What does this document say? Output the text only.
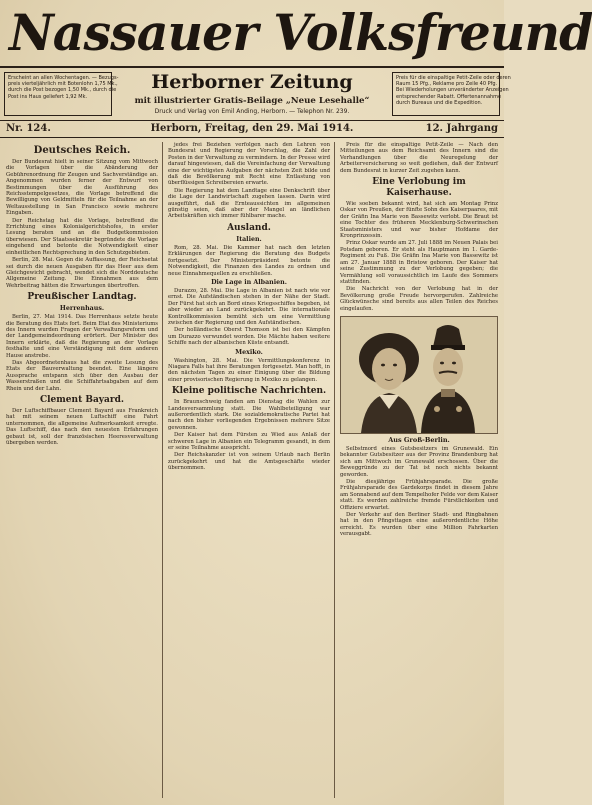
Nassauer Volksfreund
Erscheint an allen Wochentagen. — Bezugs-
preis vierteljährlich mit Botenlohn 1,75 Mk.,
durch die Post bezogen 1,50 Mk., durch die
Post ins Haus geliefert 1,92 Mk.
Herborner Zeitung
mit illustrierter Gratis-Beilage „Neue Lesehalle“
Druck und Verlag von Emil Anding, Herborn. — Telephon Nr. 239.
Preis für die einspaltige Petit-Zeile oder deren
Raum 15 Pfg., Reklame pro Zeile 40 Pfg.
Bei Wiederholungen unveränderter Anzeigen
entsprechender Rabatt. Offertenannahme
durch Bureaus und die Expedition.
Nr. 124.	Herborn, Freitag, den 29. Mai 1914.	12. Jahrgang
Deutsches Reich.

Der Bundesrat hielt in seiner Sitzung vom Mittwoch die Vorlagen über die Abänderung der Gebührenordnung für Zeugen und Sachverständige an. Angenommen wurden ferner der Entwurf von Bestimmungen über die Ausführung des Reichsstempelgesetzes, die Vorlage betreffend die Bewilligung von Geldmitteln für die Teilnahme an der Weltausstellung in San Francisco sowie mehrere Eingaben.

Der Reichstag hat die Vorlage, betreffend die Errichtung eines Kolonialgerichtshofes, in erster Lesung beraten und an die Budgetkommission überwiesen. Der Staatssekretär begründete die Vorlage eingehend und betonte die Notwendigkeit einer einheitlichen Rechtsprechung in den Schutzgebieten.

Berlin, 28. Mai. Gegen die Auffassung, der Reichsetat sei durch die neuen Ausgaben für das Heer aus dem Gleichgewicht gebracht, wendet sich die Norddeutsche Allgemeine Zeitung. Die Einnahmen aus dem Wehrbeitrag hätten die Erwartungen übertroffen.

Preußischer Landtag.
Herrenhaus.

Berlin, 27. Mai 1914. Das Herrenhaus setzte heute die Beratung des Etats fort. Beim Etat des Ministeriums des Innern wurden Fragen der Verwaltungsreform und der Landgemeindeordnung erörtert. Der Minister des Innern erklärte, daß die Regierung an der Vorlage festhalte und eine Verständigung mit dem anderen Hause anstrebe.

Das Abgeordnetenhaus hat die zweite Lesung des Etats der Bauverwaltung beendet. Eine längere Aussprache entspann sich über den Ausbau der Wasserstraßen und die Schiffahrtsabgaben auf dem Rhein und der Lahn.

Clement Bayard.

Der Luftschiffbauer Clement Bayard aus Frankreich hat mit seinem neuen Luftschiff eine Fahrt unternommen, die allgemeine Aufmerksamkeit erregte. Das Luftschiff, das nach den neuesten Erfahrungen gebaut ist, soll der französischen Heeresverwaltung übergeben werden.

jedes frei Beziehen verfolgen nach den Lehren von Bundesrat und Regierung der Vorschlag, die Zahl der Posten in der Verwaltung zu vermindern. In der Presse wird darauf hingewiesen, daß die Vereinfachung der Verwaltung eine der wichtigsten Aufgaben der nächsten Zeit bilde und daß die Bevölkerung mit Recht eine Entlastung von überflüssigen Schreibereien erwarte.

Die Regierung hat dem Landtage eine Denkschrift über die Lage der Landwirtschaft zugehen lassen. Darin wird ausgeführt, daß die Ernteaussichten im allgemeinen günstig seien, daß aber der Mangel an ländlichen Arbeitskräften sich immer fühlbarer mache.

Ausland.
Italien.

Rom, 28. Mai. Die Kammer hat nach den letzten Erklärungen der Regierung die Beratung des Budgets fortgesetzt. Der Ministerpräsident betonte die Notwendigkeit, die Finanzen des Landes zu ordnen und neue Einnahmequellen zu erschließen.

Die Lage in Albanien.

Durazzo, 28. Mai. Die Lage in Albanien ist nach wie vor ernst. Die Aufständischen stehen in der Nähe der Stadt. Der Fürst hat sich an Bord eines Kriegsschiffes begeben, ist aber wieder an Land zurückgekehrt. Die internationale Kontrollkommission bemüht sich um eine Vermittlung zwischen der Regierung und den Aufständischen.

Der holländische Oberst Thomson ist bei den Kämpfen um Durazzo verwundet worden. Die Mächte haben weitere Schiffe nach der albanischen Küste entsandt.

Mexiko.

Washington, 28. Mai. Die Vermittlungskonferenz in Niagara Falls hat ihre Beratungen fortgesetzt. Man hofft, in den nächsten Tagen zu einer Einigung über die Bildung einer provisorischen Regierung in Mexiko zu gelangen.

Kleine politische Nachrichten.

In Braunschweig fanden am Dienstag die Wahlen zur Landesversammlung statt. Die Wahlbeteiligung war außerordentlich stark. Die sozialdemokratische Partei hat nach den bisher vorliegenden Ergebnissen mehrere Sitze gewonnen.

Der Kaiser hat dem Fürsten zu Wied aus Anlaß der schweren Lage in Albanien ein Telegramm gesandt, in dem er seine Teilnahme ausspricht.

Der Reichskanzler ist von seinem Urlaub nach Berlin zurückgekehrt und hat die Amtsgeschäfte wieder übernommen.

Preis für die einspaltige Petit-Zeile — Nach den Mitteilungen aus dem Reichsamt des Innern sind die Verhandlungen über die Neuregelung der Arbeiterversicherung so weit gediehen, daß der Entwurf dem Bundesrat in kurzer Zeit zugehen kann.

Eine Verlobung im Kaiserhause.

Wie soeben bekannt wird, hat sich am Montag Prinz Oskar von Preußen, der fünfte Sohn des Kaiserpaares, mit der Gräfin Ina Marie von Bassewitz verlobt. Die Braut ist eine Tochter des früheren Mecklenburg-Schwerinschen Staatsministers und war bisher Hofdame der Kronprinzessin.

Prinz Oskar wurde am 27. Juli 1888 im Neuen Palais bei Potsdam geboren. Er steht als Hauptmann im 1. Garde-Regiment zu Fuß. Die Gräfin Ina Marie von Bassewitz ist am 27. Januar 1888 in Bristow geboren. Der Kaiser hat seine Zustimmung zu der Verlobung gegeben; die Vermählung soll voraussichtlich im Laufe des Sommers stattfinden.

Die Nachricht von der Verlobung hat in der Bevölkerung große Freude hervorgerufen. Zahlreiche Glückwünsche sind bereits aus allen Teilen des Reiches eingelaufen.

Aus Groß-Berlin.

Selbstmord eines Gutsbesitzers im Grunewald. Ein bekannter Gutsbesitzer aus der Provinz Brandenburg hat sich am Mittwoch im Grunewald erschossen. Über die Beweggründe zu der Tat ist noch nichts bekannt geworden.

Die diesjährige Frühjahrsparade. Die große Frühjahrsparade des Gardekorps findet in diesem Jahre am Sonnabend auf dem Tempelhofer Felde vor dem Kaiser statt. Es werden zahlreiche fremde Fürstlichkeiten und Offiziere erwartet.

Der Verkehr auf den Berliner Stadt- und Ringbahnen hat in den Pfingsttagen eine außerordentliche Höhe erreicht. Es wurden über eine Million Fahrkarten verausgabt.
